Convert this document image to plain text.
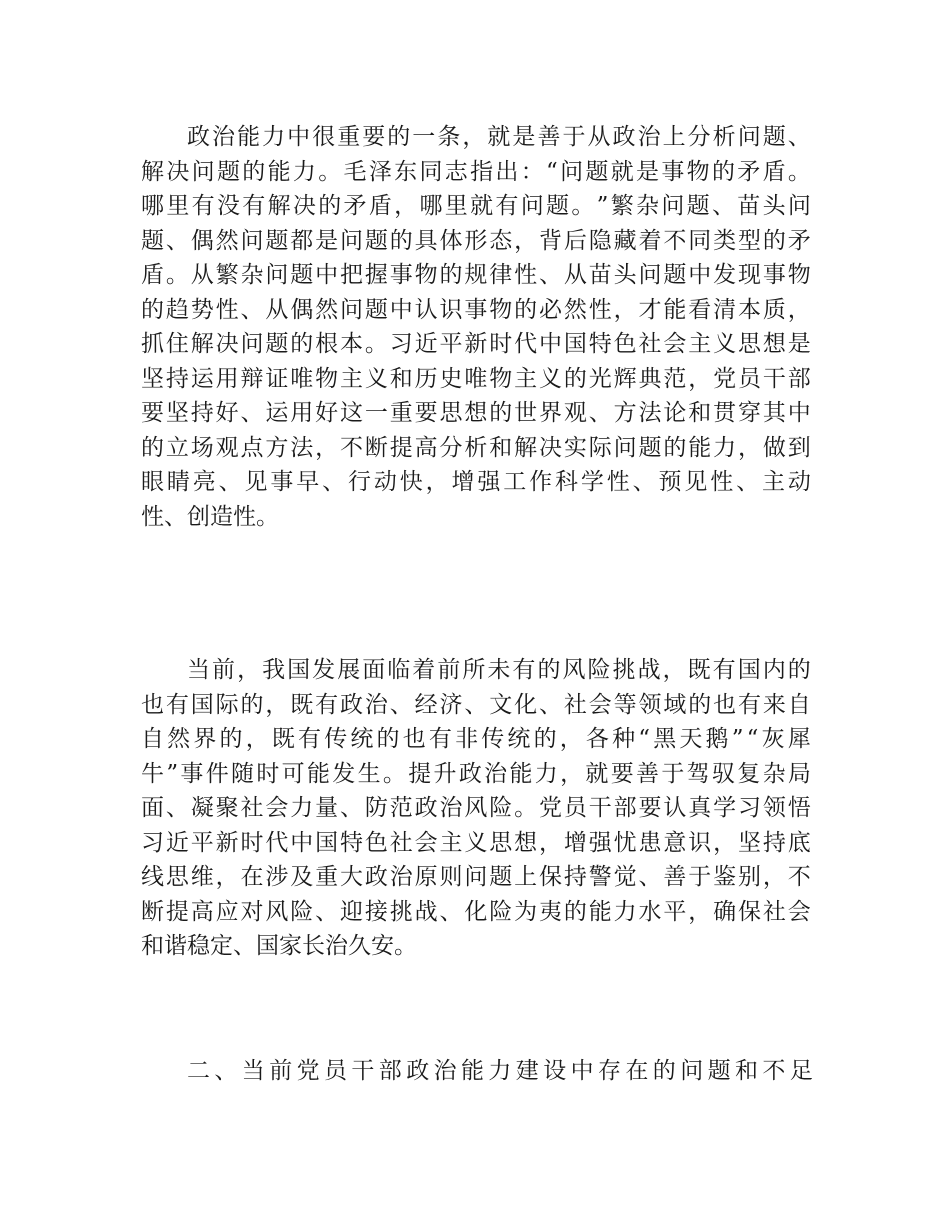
政 治 能 力 中 很 重 要 的 一 条 ， 就 是 善 于 从 政 治 上 分 析 问 题 、
解 决 问 题 的 能 力 。 毛 泽 东 同 志 指 出 ： “ 问 题 就 是 事 物 的 矛 盾 。
哪 里 有 没 有 解 决 的 矛 盾 ， 哪 里 就 有 问 题 。 ” 繁 杂 问 题 、 苗 头 问
题 、 偶 然 问 题 都 是 问 题 的 具 体 形 态 ， 背 后 隐 藏 着 不 同 类 型 的 矛
盾 。 从 繁 杂 问 题 中 把 握 事 物 的 规 律 性 、 从 苗 头 问 题 中 发 现 事 物
的 趋 势 性 、 从 偶 然 问 题 中 认 识 事 物 的 必 然 性 ， 才 能 看 清 本 质 ，
抓 住 解 决 问 题 的 根 本 。 习 近 平 新 时 代 中 国 特 色 社 会 主 义 思 想 是
坚 持 运 用 辩 证 唯 物 主 义 和 历 史 唯 物 主 义 的 光 辉 典 范 ， 党 员 干 部
要 坚 持 好 、 运 用 好 这 一 重 要 思 想 的 世 界 观 、 方 法 论 和 贯 穿 其 中
的 立 场 观 点 方 法 ， 不 断 提 高 分 析 和 解 决 实 际 问 题 的 能 力 ， 做 到
眼 睛 亮 、 见 事 早 、 行 动 快 ， 增 强 工 作 科 学 性 、 预 见 性 、 主 动
性、创造性。
当 前 ， 我 国 发 展 面 临 着 前 所 未 有 的 风 险 挑 战 ， 既 有 国 内 的
也 有 国 际 的 ， 既 有 政 治 、 经 济 、 文 化 、 社 会 等 领 域 的 也 有 来 自
自 然 界 的 ， 既 有 传 统 的 也 有 非 传 统 的 ， 各 种 “ 黑 天 鹅 ” “ 灰 犀
牛 ” 事 件 随 时 可 能 发 生 。 提 升 政 治 能 力 ， 就 要 善 于 驾 驭 复 杂 局
面 、 凝 聚 社 会 力 量 、 防 范 政 治 风 险 。 党 员 干 部 要 认 真 学 习 领 悟
习 近 平 新 时 代 中 国 特 色 社 会 主 义 思 想 ， 增 强 忧 患 意 识 ， 坚 持 底
线 思 维 ， 在 涉 及 重 大 政 治 原 则 问 题 上 保 持 警 觉 、 善 于 鉴 别 ， 不
断 提 高 应 对 风 险 、 迎 接 挑 战 、 化 险 为 夷 的 能 力 水 平 ， 确 保 社 会
和谐稳定、国家长治久安。
二、当前党员干部政治能力建设中存在的问题和不足
